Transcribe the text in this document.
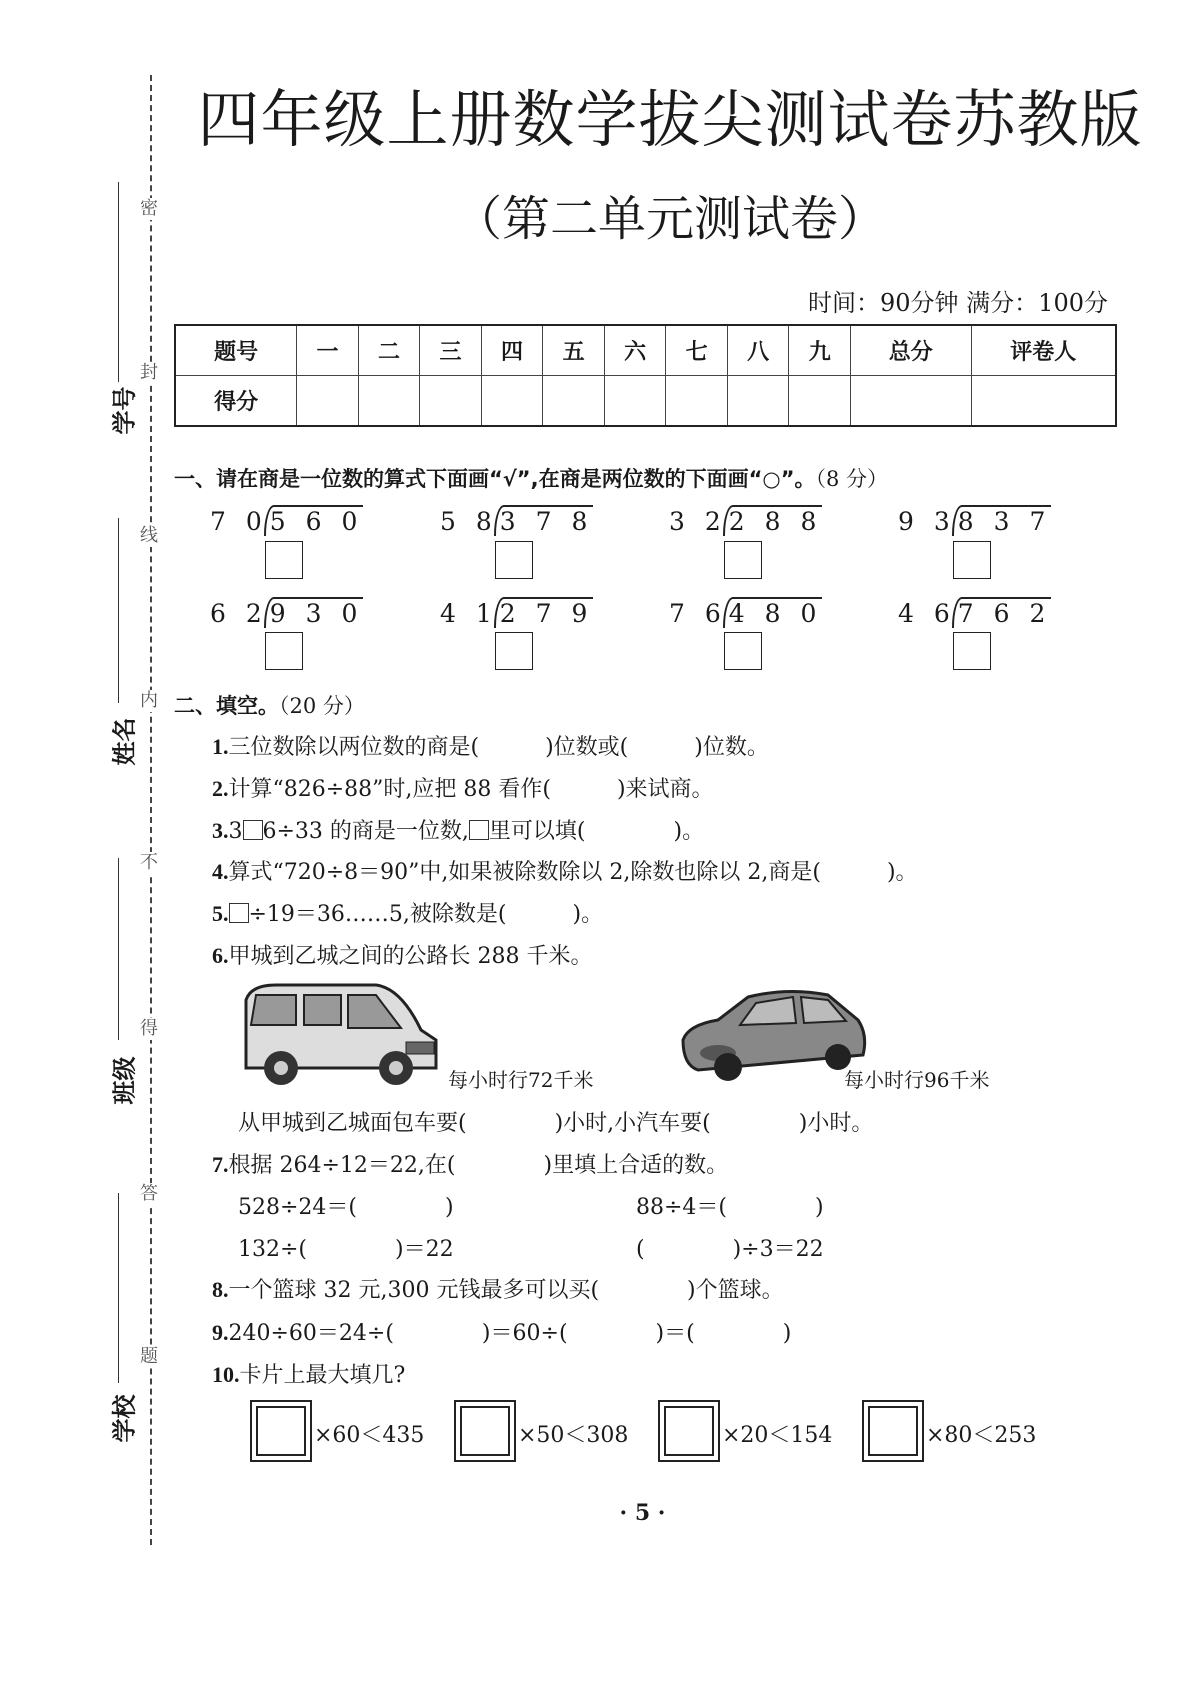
四年级上册数学拔尖测试卷苏教版
（第二单元测试卷）
时间：90分钟 满分：100分
密
封
线
内
不
得
答
题
学号
姓名
班级
学校
题号	一	二	三	四	五	六	七	八	九	总分	评卷人
得分											
一、请在商是一位数的算式下面画“√”,在商是两位数的下面画“○”。（8 分）
7 05 6 0	5 83 7 8	3 22 8 8	9 38 3 7
6 29 3 0	4 12 7 9	7 64 8 0	4 67 6 2
二、填空。（20 分）
1.三位数除以两位数的商是(　　　)位数或(　　　)位数。
2.计算“826÷88”时,应把 88 看作(　　　)来试商。
3.3 6÷33 的商是一位数, 里可以填(　　　　)。
4.算式“720÷8＝90”中,如果被除数除以 2,除数也除以 2,商是(　　　)。
5. ÷19＝36……5,被除数是(　　　)。
6.甲城到乙城之间的公路长 288 千米。
每小时行72千米	每小时行96千米
从甲城到乙城面包车要(　　　　)小时,小汽车要(　　　　)小时。
7.根据 264÷12＝22,在(　　　　)里填上合适的数。
528÷24＝(　　　　)	88÷4＝(　　　　)
132÷(　　　　)＝22	(　　　　)÷3＝22
8.一个篮球 32 元,300 元钱最多可以买(　　　　)个篮球。
9.240÷60＝24÷(　　　　)＝60÷(　　　　)＝(　　　　)
10.卡片上最大填几?
×60＜435	×50＜308	×20＜154	×80＜253
· 5 ·
